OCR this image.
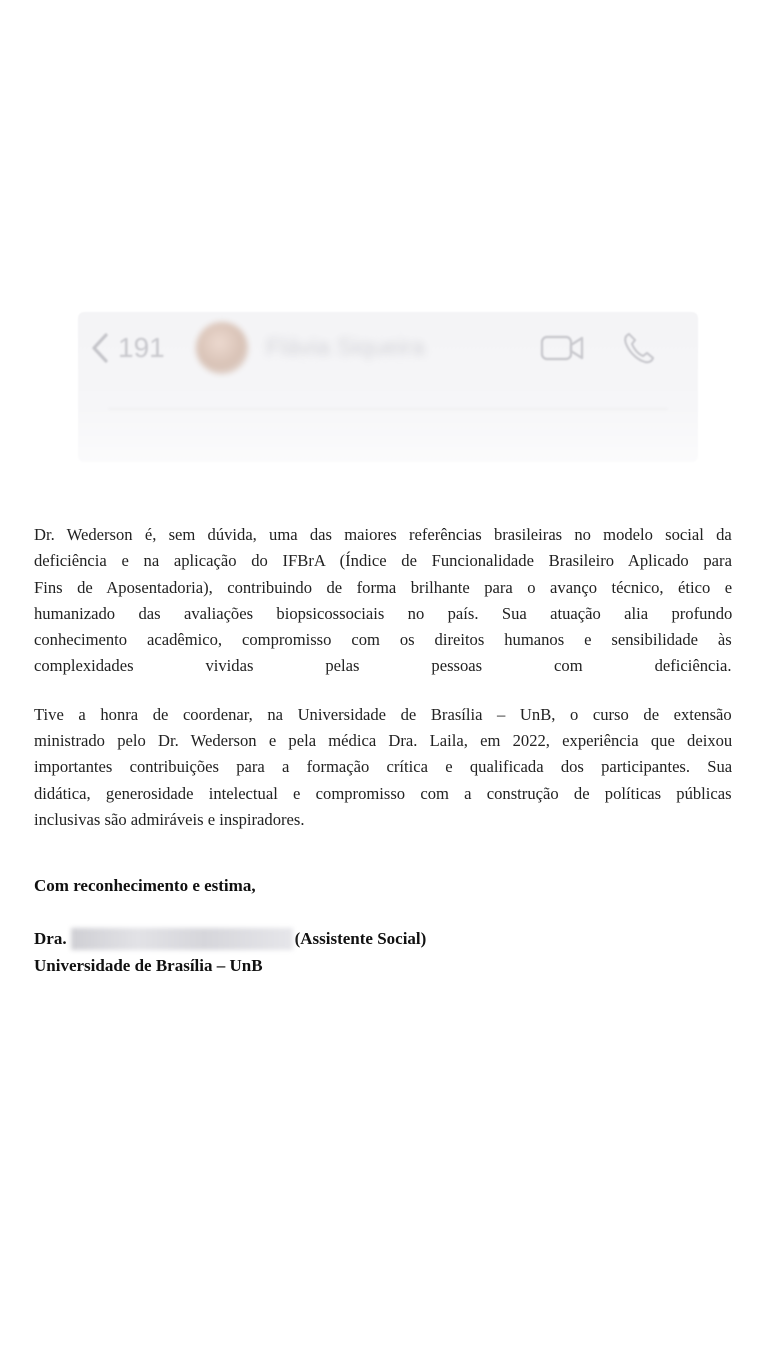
191	Flávia Siqueira
Dr. Wederson é, sem dúvida, uma das maiores referências brasileiras no modelo social da
deficiência e na aplicação do IFBrA (Índice de Funcionalidade Brasileiro Aplicado para
Fins de Aposentadoria), contribuindo de forma brilhante para o avanço técnico, ético e
humanizado das avaliações biopsicossociais no país. Sua atuação alia profundo
conhecimento acadêmico, compromisso com os direitos humanos e sensibilidade às
complexidades vividas pelas pessoas com deficiência.
Tive a honra de coordenar, na Universidade de Brasília – UnB, o curso de extensão
ministrado pelo Dr. Wederson e pela médica Dra. Laila, em 2022, experiência que deixou
importantes contribuições para a formação crítica e qualificada dos participantes. Sua
didática, generosidade intelectual e compromisso com a construção de políticas públicas
inclusivas são admiráveis e inspiradores.
Com reconhecimento e estima,
Dra.	(Assistente Social)
Universidade de Brasília – UnB
